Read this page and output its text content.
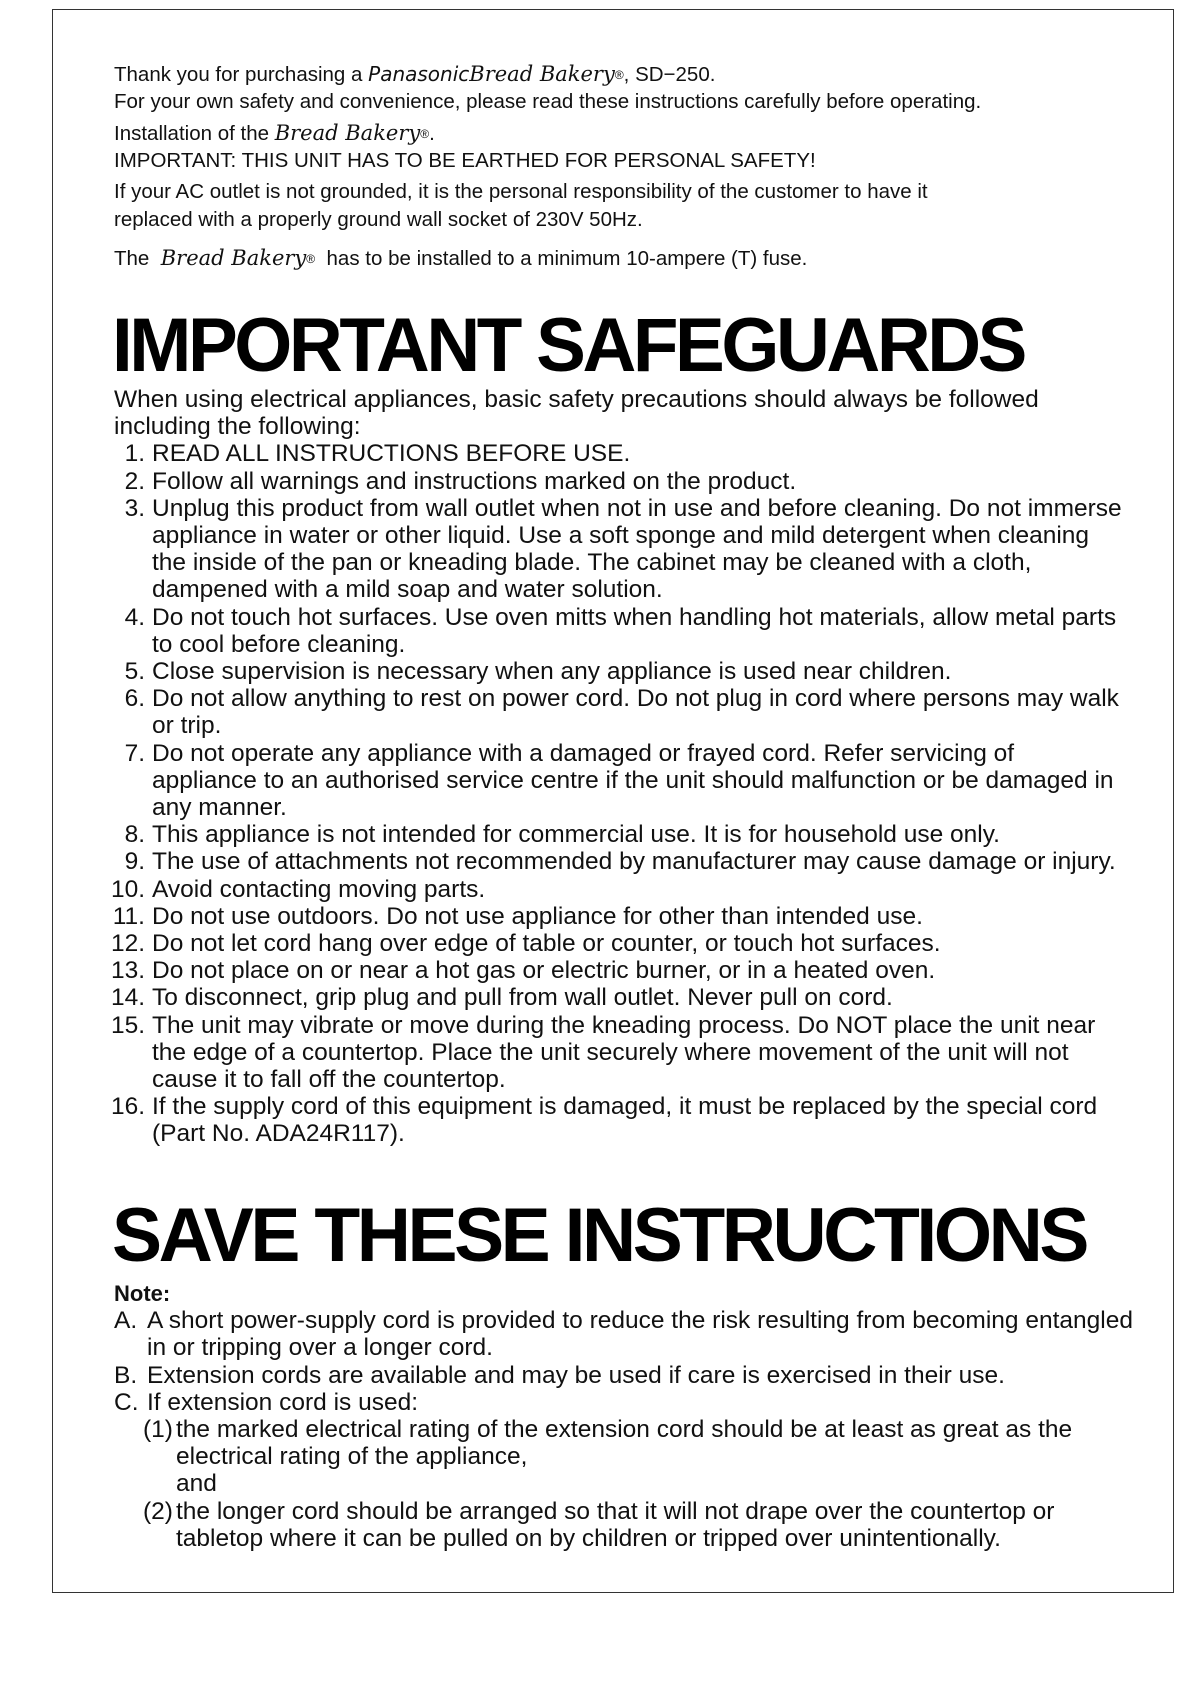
Thank you for purchasing a PanasonicBread Bakery®, SD−250.
For your own safety and convenience, please read these instructions carefully before operating.
Installation of the Bread Bakery®.
IMPORTANT: THIS UNIT HAS TO BE EARTHED FOR PERSONAL SAFETY!
If your AC outlet is not grounded, it is the personal responsibility of the customer to have it
replaced with a properly ground wall socket of 230V 50Hz.
The Bread Bakery® has to be installed to a minimum 10-ampere (T) fuse.
IMPORTANT SAFEGUARDS
When using electrical appliances, basic safety precautions should always be followed including the following:
1. READ ALL INSTRUCTIONS BEFORE USE.
2. Follow all warnings and instructions marked on the product.
3. Unplug this product from wall outlet when not in use and before cleaning. Do not immerse appliance in water or other liquid. Use a soft sponge and mild detergent when cleaning the inside of the pan or kneading blade. The cabinet may be cleaned with a cloth, dampened with a mild soap and water solution.
4. Do not touch hot surfaces. Use oven mitts when handling hot materials, allow metal parts to cool before cleaning.
5. Close supervision is necessary when any appliance is used near children.
6. Do not allow anything to rest on power cord. Do not plug in cord where persons may walk or trip.
7. Do not operate any appliance with a damaged or frayed cord. Refer servicing of appliance to an authorised service centre if the unit should malfunction or be damaged in any manner.
8. This appliance is not intended for commercial use. It is for household use only.
9. The use of attachments not recommended by manufacturer may cause damage or injury.
10. Avoid contacting moving parts.
11. Do not use outdoors. Do not use appliance for other than intended use.
12. Do not let cord hang over edge of table or counter, or touch hot surfaces.
13. Do not place on or near a hot gas or electric burner, or in a heated oven.
14. To disconnect, grip plug and pull from wall outlet. Never pull on cord.
15. The unit may vibrate or move during the kneading process. Do NOT place the unit near the edge of a countertop. Place the unit securely where movement of the unit will not cause it to fall off the countertop.
16. If the supply cord of this equipment is damaged, it must be replaced by the special cord (Part No. ADA24R117).
SAVE THESE INSTRUCTIONS
Note:
A. A short power-supply cord is provided to reduce the risk resulting from becoming entangled in or tripping over a longer cord.
B. Extension cords are available and may be used if care is exercised in their use.
C. If extension cord is used:
(1) the marked electrical rating of the extension cord should be at least as great as the electrical rating of the appliance,
and
(2) the longer cord should be arranged so that it will not drape over the countertop or tabletop where it can be pulled on by children or tripped over unintentionally.
